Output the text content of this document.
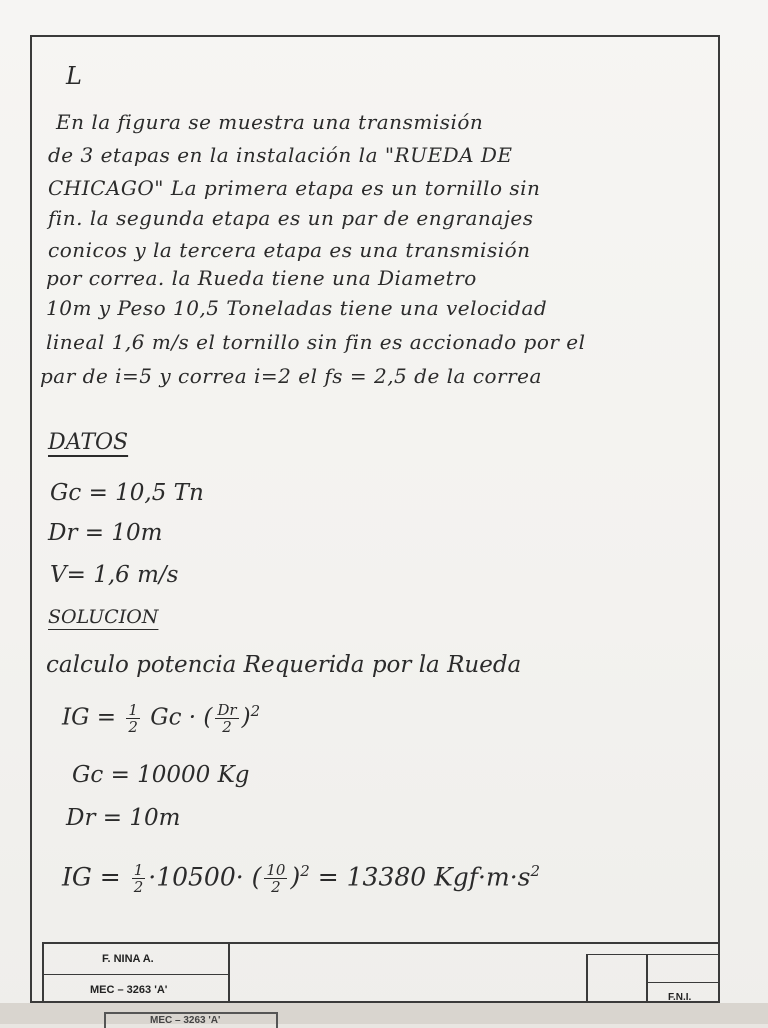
L
En la figura se muestra una transmisión
de 3 etapas en la instalación la "RUEDA DE
CHICAGO" La primera etapa es un tornillo sin
fin. la segunda etapa es un par de engranajes
conicos y la tercera etapa es una transmisión
por correa. la Rueda tiene una Diametro
10m y Peso 10,5 Toneladas tiene una velocidad
lineal 1,6 m/s el tornillo sin fin es accionado por el
par de i=5 y correa i=2 el fs = 2,5 de la correa
DATOS
Gc = 10,5 Tn
Dr = 10m
V= 1,6 m/s
SOLUCION
calculo potencia Requerida por la Rueda
IG = $\frac{1}{2}$ Gc · ( $\frac{Dr}{2} )^2$
Gc = 10000 Kg
Dr = 10m
IG = $\frac{1}{2} \cdot 10500\cdot$ ( $\frac{10}{2} )^2 = 13380$ $Kgf\cdot m\cdot s^2$
F. NINA A.
MEC – 3263 'A'
F.N.I.
MEC – 3263 'A'
